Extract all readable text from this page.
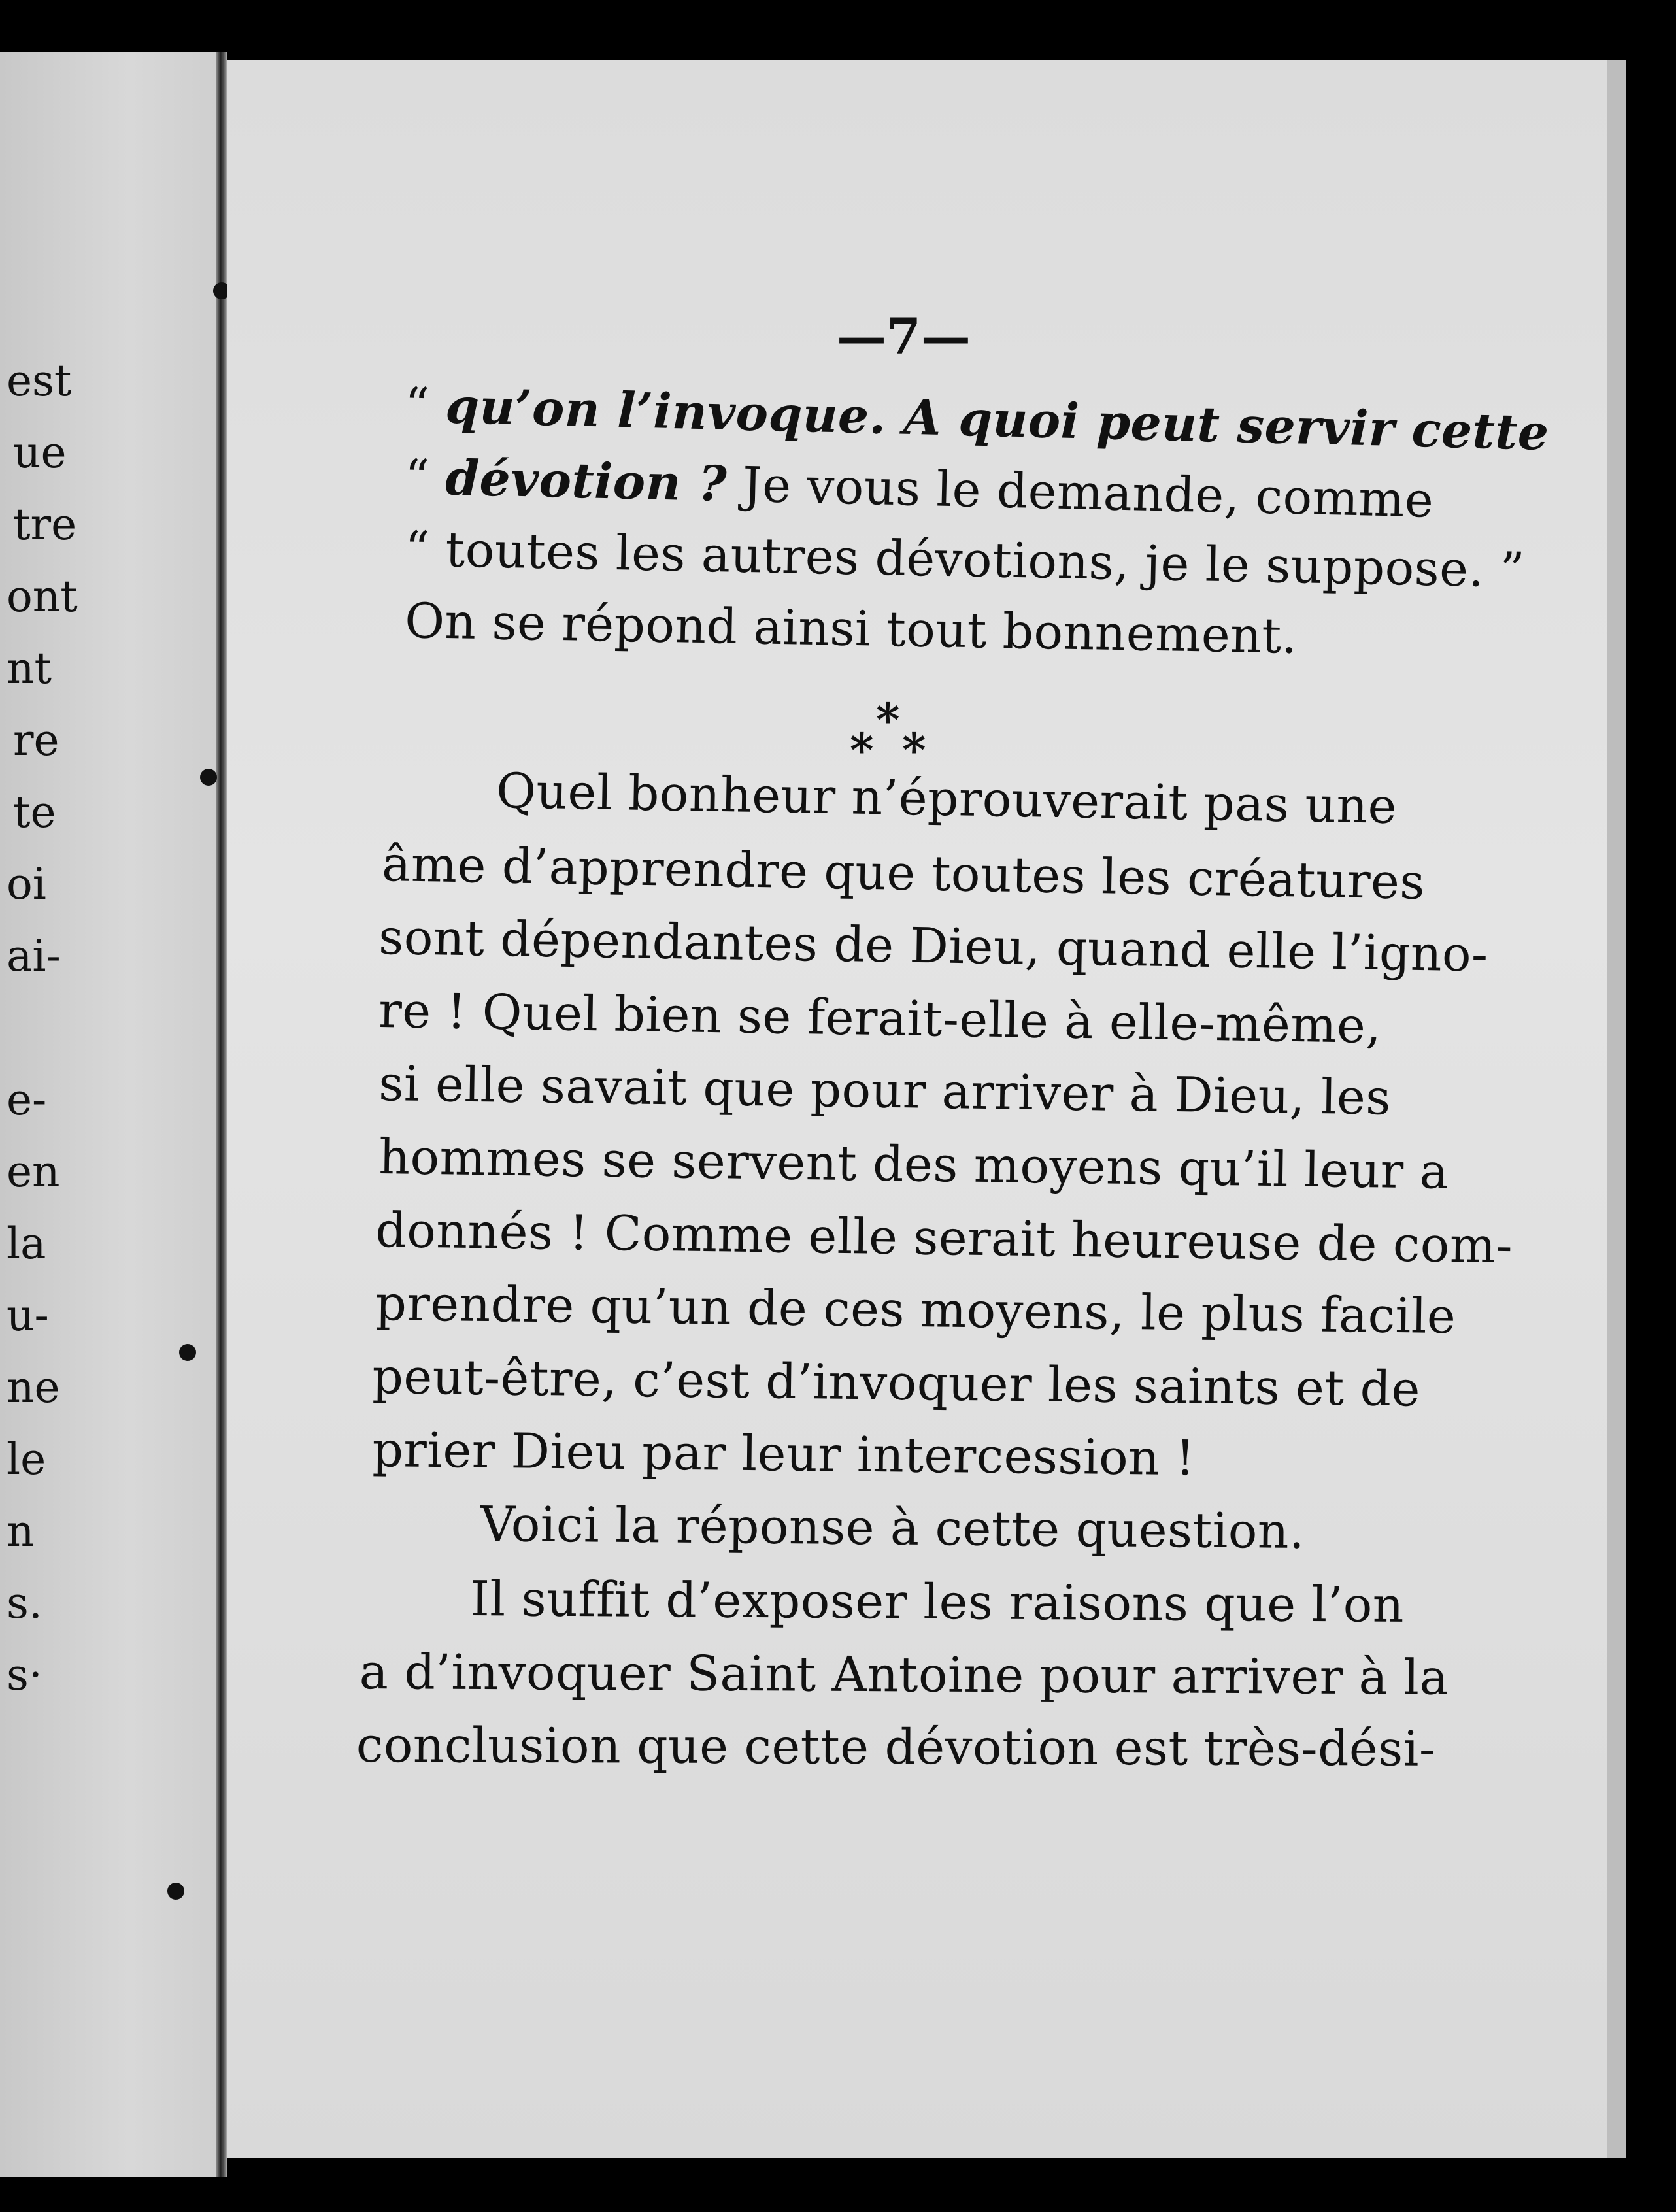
est
ue
tre
ont
nt
re
te
oi
ai-
e-
en
la
u-
ne
le
n
s.
s·
—7—
“ qu’on l’invoque. A quoi peut servir cette
“ dévotion ? Je vous le demande, comme
“ toutes les autres dévotions, je le suppose. ”
On se répond ainsi tout bonnement.
*
* *
Quel bonheur n’éprouverait pas une
âme d’apprendre que toutes les créatures
sont dépendantes de Dieu, quand elle l’igno-
re ! Quel bien se ferait-elle à elle-même,
si elle savait que pour arriver à Dieu, les
hommes se servent des moyens qu’il leur a
donnés ! Comme elle serait heureuse de com-
prendre qu’un de ces moyens, le plus facile
peut-être, c’est d’invoquer les saints et de
prier Dieu par leur intercession !
Voici la réponse à cette question.
Il suffit d’exposer les raisons que l’on
a d’invoquer Saint Antoine pour arriver à la
conclusion que cette dévotion est très-dési-
